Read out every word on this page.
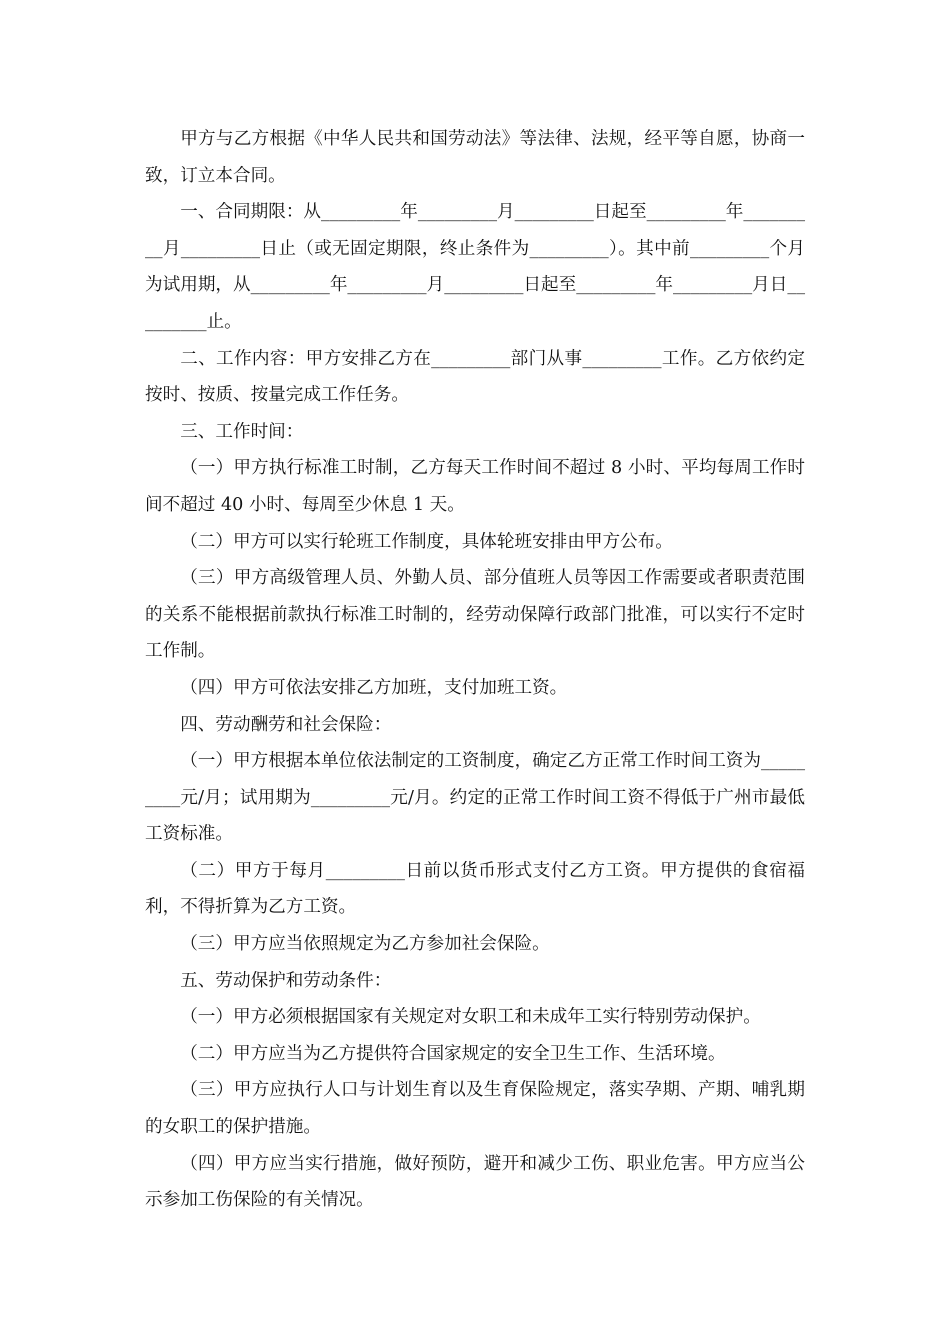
甲方与乙方根据《中华人民共和国劳动法》等法律、法规，经平等自愿，协商一致，订立本合同。

一、合同期限：从_________年_________月_________日起至_________年_________月_________日止（或无固定期限，终止条件为_________）。其中前_________个月为试用期，从_________年_________月_________日起至_________年_________月日_________止。

二、工作内容：甲方安排乙方在_________部门从事_________工作。乙方依约定按时、按质、按量完成工作任务。

三、工作时间：

（一）甲方执行标准工时制，乙方每天工作时间不超过 8 小时、平均每周工作时间不超过 40 小时、每周至少休息 1 天。

（二）甲方可以实行轮班工作制度，具体轮班安排由甲方公布。

（三）甲方高级管理人员、外勤人员、部分值班人员等因工作需要或者职责范围的关系不能根据前款执行标准工时制的，经劳动保障行政部门批准，可以实行不定时工作制。

（四）甲方可依法安排乙方加班，支付加班工资。

四、劳动酬劳和社会保险：

（一）甲方根据本单位依法制定的工资制度，确定乙方正常工作时间工资为_________元/月；试用期为_________元/月。约定的正常工作时间工资不得低于广州市最低工资标准。

（二）甲方于每月_________日前以货币形式支付乙方工资。甲方提供的食宿福利，不得折算为乙方工资。

（三）甲方应当依照规定为乙方参加社会保险。

五、劳动保护和劳动条件：

（一）甲方必须根据国家有关规定对女职工和未成年工实行特别劳动保护。

（二）甲方应当为乙方提供符合国家规定的安全卫生工作、生活环境。

（三）甲方应执行人口与计划生育以及生育保险规定，落实孕期、产期、哺乳期的女职工的保护措施。

（四）甲方应当实行措施，做好预防，避开和减少工伤、职业危害。甲方应当公示参加工伤保险的有关情况。
